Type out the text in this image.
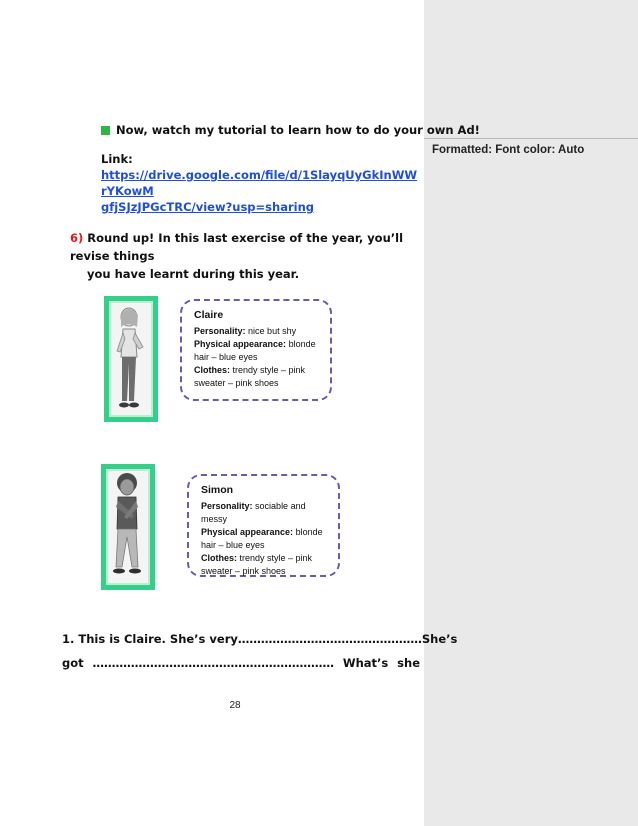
Formatted: Font color: Auto
Now, watch my tutorial to learn how to do your own Ad!
Link:
https://drive.google.com/file/d/1SlayqUyGkInWWrYKowM
gfjSJzJPGcTRC/view?usp=sharing
6) Round up! In this last exercise of the year, you’ll revise things
you have learnt during this year.
Claire
Personality: nice but shy
Physical appearance: blonde
hair – blue eyes
Clothes: trendy style – pink
sweater – pink shoes
Simon
Personality: sociable and messy
Physical appearance: blonde
hair – blue eyes
Clothes: trendy style – pink
sweater – pink shoes
1. This is Claire. She’s very ………………………………………… She’s
got ……………………………………………………… What’s she
28
